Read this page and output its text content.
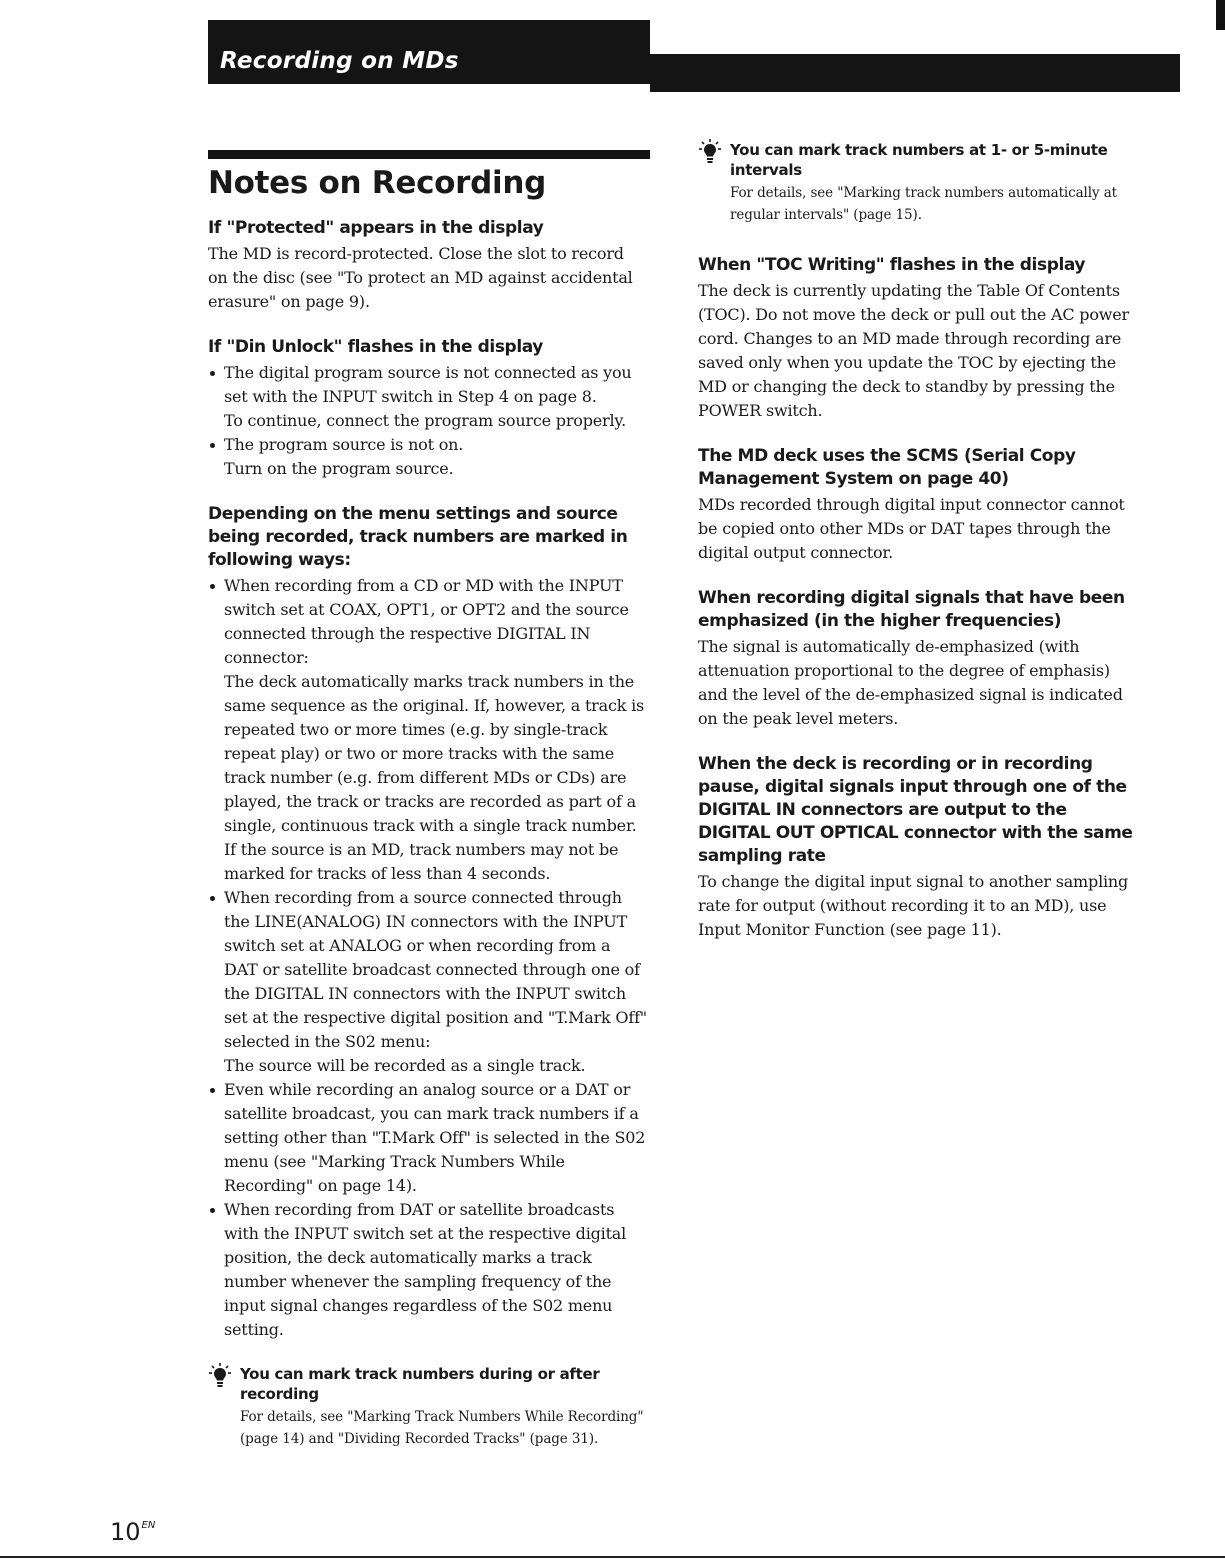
Recording on MDs
Notes on Recording
If "Protected" appears in the display

The MD is record-protected. Close the slot to record on the disc (see "To protect an MD against accidental erasure" on page 9).

If "Din Unlock" flashes in the display

The digital program source is not connected as you set with the INPUT switch in Step 4 on page 8.

To continue, connect the program source properly.

The program source is not on.

Turn on the program source.

Depending on the menu settings and source being recorded, track numbers are marked in following ways:

When recording from a CD or MD with the INPUT switch set at COAX, OPT1, or OPT2 and the source connected through the respective DIGITAL IN connector:

The deck automatically marks track numbers in the same sequence as the original. If, however, a track is repeated two or more times (e.g. by single-track repeat play) or two or more tracks with the same track number (e.g. from different MDs or CDs) are played, the track or tracks are recorded as part of a single, continuous track with a single track number. If the source is an MD, track numbers may not be marked for tracks of less than 4 seconds.

When recording from a source connected through the LINE(ANALOG) IN connectors with the INPUT switch set at ANALOG or when recording from a DAT or satellite broadcast connected through one of the DIGITAL IN connectors with the INPUT switch set at the respective digital position and "T.Mark Off" selected in the S02 menu:

The source will be recorded as a single track.

Even while recording an analog source or a DAT or satellite broadcast, you can mark track numbers if a setting other than "T.Mark Off" is selected in the S02 menu (see "Marking Track Numbers While Recording" on page 14).

When recording from DAT or satellite broadcasts with the INPUT switch set at the respective digital position, the deck automatically marks a track number whenever the sampling frequency of the input signal changes regardless of the S02 menu setting.

You can mark track numbers during or after recording

For details, see "Marking Track Numbers While Recording" (page 14) and "Dividing Recorded Tracks" (page 31).

You can mark track numbers at 1- or 5-minute intervals

For details, see "Marking track numbers automatically at regular intervals" (page 15).

When "TOC Writing" flashes in the display

The deck is currently updating the Table Of Contents (TOC). Do not move the deck or pull out the AC power cord. Changes to an MD made through recording are saved only when you update the TOC by ejecting the MD or changing the deck to standby by pressing the POWER switch.

The MD deck uses the SCMS (Serial Copy Management System on page 40)

MDs recorded through digital input connector cannot be copied onto other MDs or DAT tapes through the digital output connector.

When recording digital signals that have been emphasized (in the higher frequencies)

The signal is automatically de-emphasized (with attenuation proportional to the degree of emphasis) and the level of the de-emphasized signal is indicated on the peak level meters.

When the deck is recording or in recording pause, digital signals input through one of the DIGITAL IN connectors are output to the DIGITAL OUT OPTICAL connector with the same sampling rate

To change the digital input signal to another sampling rate for output (without recording it to an MD), use Input Monitor Function (see page 11).

$10^{EN}$
